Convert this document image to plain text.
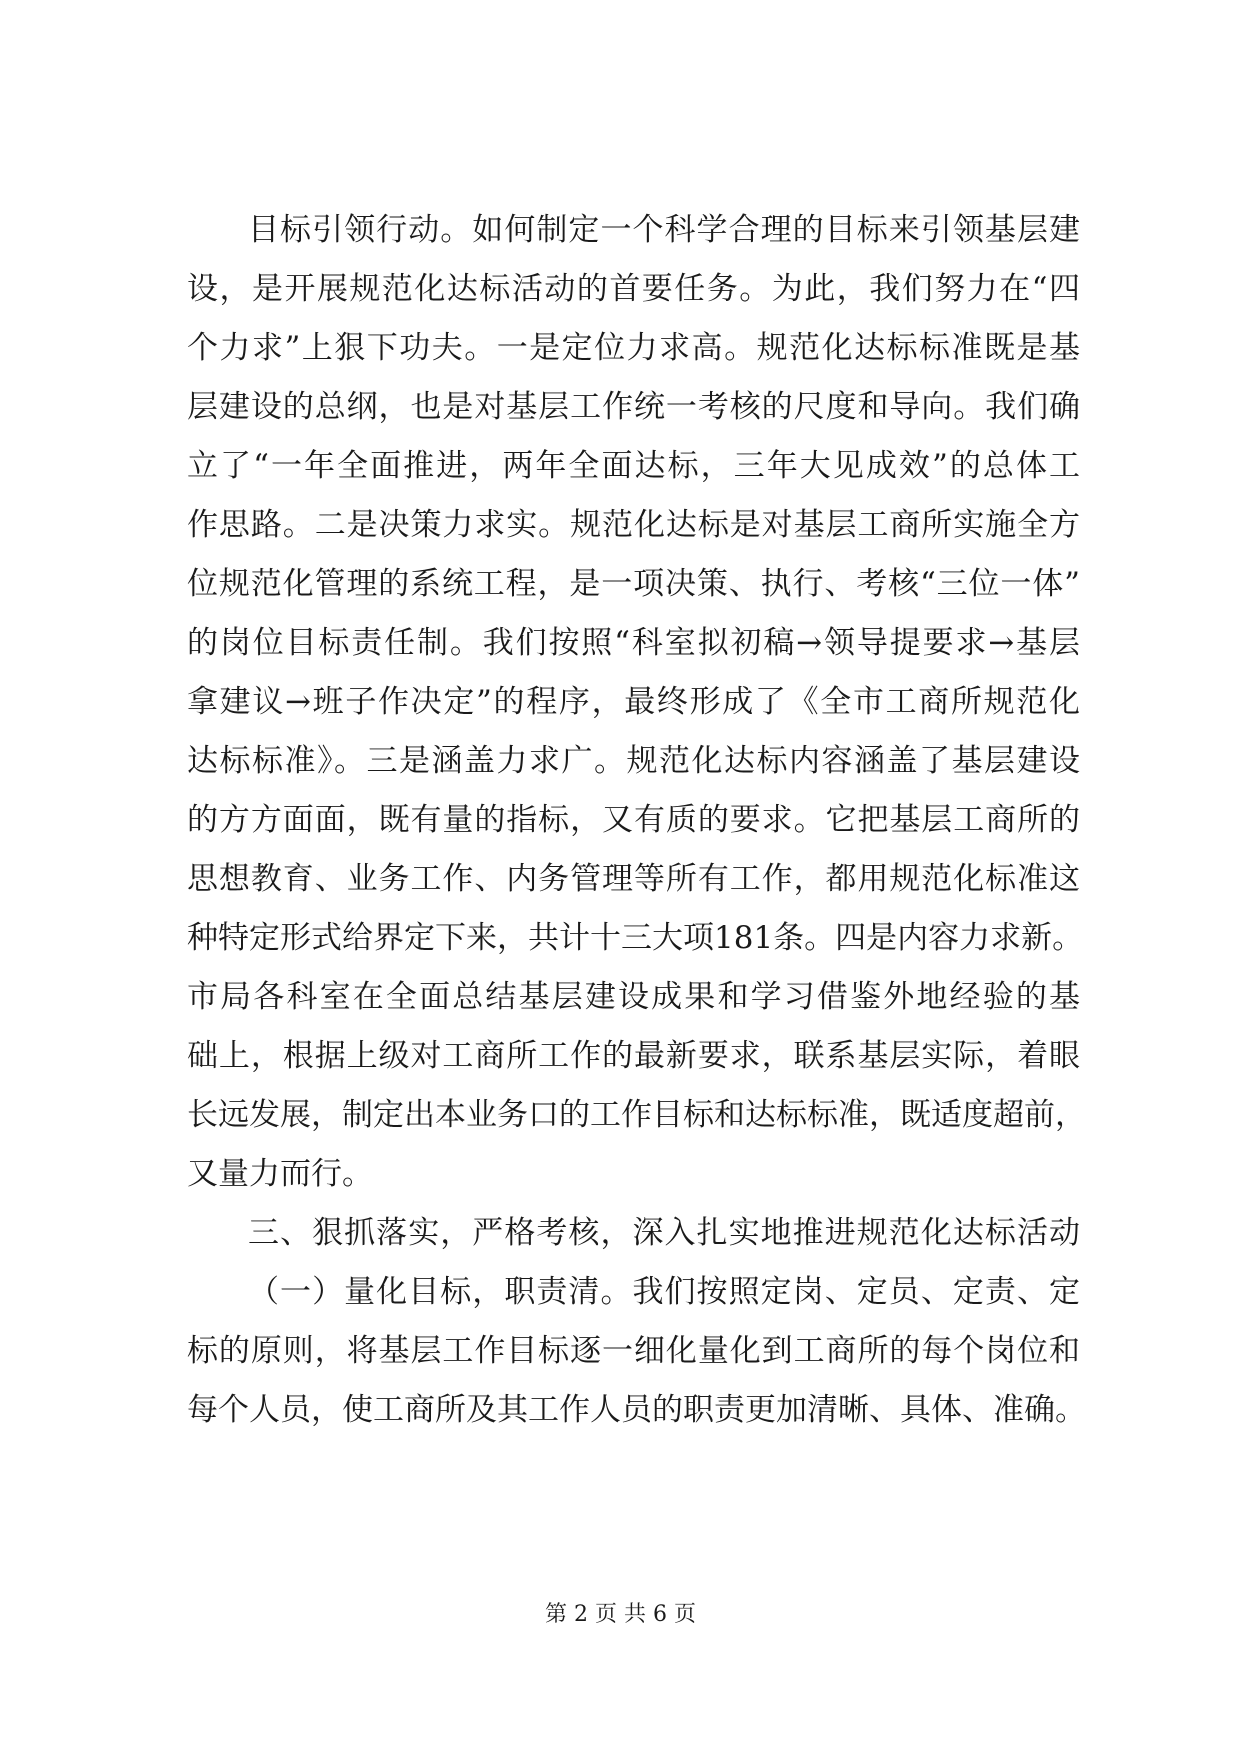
目标引领行动。如何制定一个科学合理的目标来引领基层建
设，是开展规范化达标活动的首要任务。为此，我们努力在“四
个力求”上狠下功夫。一是定位力求高。规范化达标标准既是基
层建设的总纲，也是对基层工作统一考核的尺度和导向。我们确
立了“一年全面推进，两年全面达标，三年大见成效”的总体工
作思路。二是决策力求实。规范化达标是对基层工商所实施全方
位规范化管理的系统工程，是一项决策、执行、考核“三位一体”
的岗位目标责任制。我们按照“科室拟初稿→领导提要求→基层
拿建议→班子作决定”的程序，最终形成了《全市工商所规范化
达标标准》。三是涵盖力求广。规范化达标内容涵盖了基层建设
的方方面面，既有量的指标，又有质的要求。它把基层工商所的
思想教育、业务工作、内务管理等所有工作，都用规范化标准这
种特定形式给界定下来，共计十三大项181条。四是内容力求新。
市局各科室在全面总结基层建设成果和学习借鉴外地经验的基
础上，根据上级对工商所工作的最新要求，联系基层实际，着眼
长远发展，制定出本业务口的工作目标和达标标准，既适度超前，
又量力而行。
三、狠抓落实，严格考核，深入扎实地推进规范化达标活动
（一）量化目标，职责清。我们按照定岗、定员、定责、定
标的原则，将基层工作目标逐一细化量化到工商所的每个岗位和
每个人员，使工商所及其工作人员的职责更加清晰、具体、准确。
第 2 页 共 6 页
